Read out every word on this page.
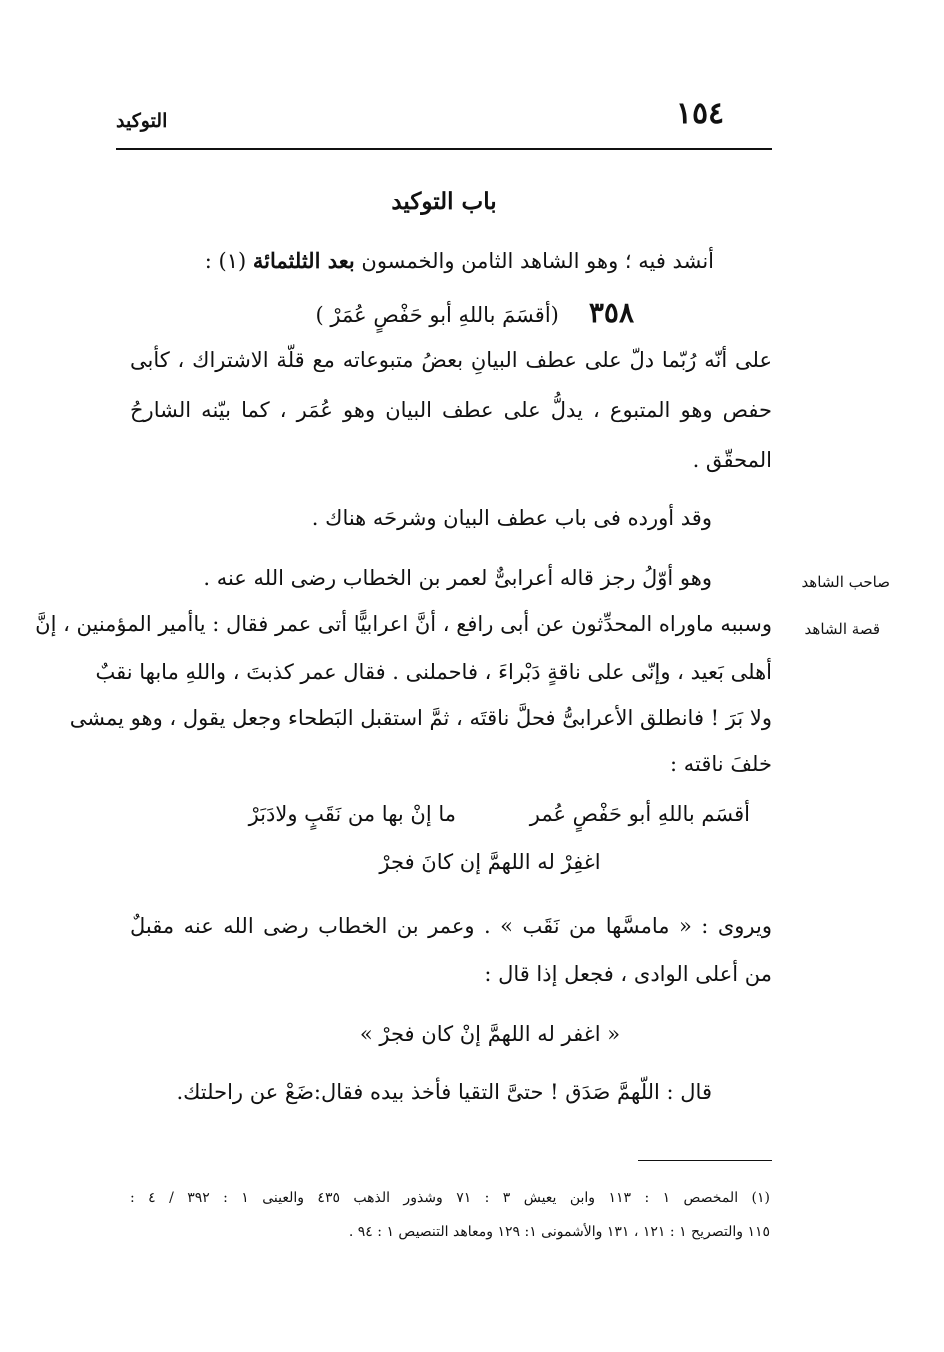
التوكيد	١٥٤
باب التوكيد
أنشد فيه ؛ وهو الشاهد الثامن والخمسون بعد الثلثمائة (١) :
٣٥٨(أقسَمَ باللهِ أبو حَفْصٍ عُمَرْ )
على أنّه رُبّما دلّ على عطف البيانِ بعضُ متبوعاته مع قلّة الاشتراك ، كأبى
حفص وهو المتبوع ، يدلُّ على عطف البيان وهو عُمَر ، كما بيّنه الشارحُ
المحقّق .
وقد أورده فى باب عطف البيان وشرحَه هناك .
صاحب الشاهد
قصة الشاهد
وهو أوّلُ رجز قاله أعرابىٌّ لعمر بن الخطاب رضى الله عنه .
وسببه ماوراه المحدِّثون عن أبى رافع ، أنَّ اعرابيًّا أتى عمر فقال : ياأمير المؤمنين ، إنَّ
أهلى بَعيد ، وإنّى على ناقةٍ دَبْراءَ ، فاحملنى . فقال عمر كذبتَ ، واللهِ مابها نقبٌ
ولا بَرَ ! فانطلق الأعرابىُّ فحلَّ ناقتَه ، ثمَّ استقبل البَطحاء وجعل يقول ، وهو يمشى
خلفَ ناقته :
أقسَم باللهِ أبو حَفْصٍ عُمر
ما إنْ بها من نَقَبٍ ولادَبَرْ
اغفِرْ له اللهمَّ إن كانَ فجرْ
ويروى : « مامسَّها من نَقَب » . وعمر بن الخطاب رضى الله عنه مقبلٌ
من أعلى الوادى ، فجعل إذا قال :
« اغفر له اللهمَّ إنْ كان فجرْ »
قال : اللّهمَّ صَدَق ! حتىَّ التقيا فأخذ بيده فقال:ضَعْ عن راحلتك.
(١) المخصص ١ : ١١٣ وابن يعيش ٣ : ٧١ وشذور الذهب ٤٣٥ والعينى ١ : ٣٩٢ / ٤ :
١١٥ والتصريح ١ : ١٢١ ، ١٣١ والأشمونى ١: ١٢٩ ومعاهد التنصيص ١ : ٩٤ .
